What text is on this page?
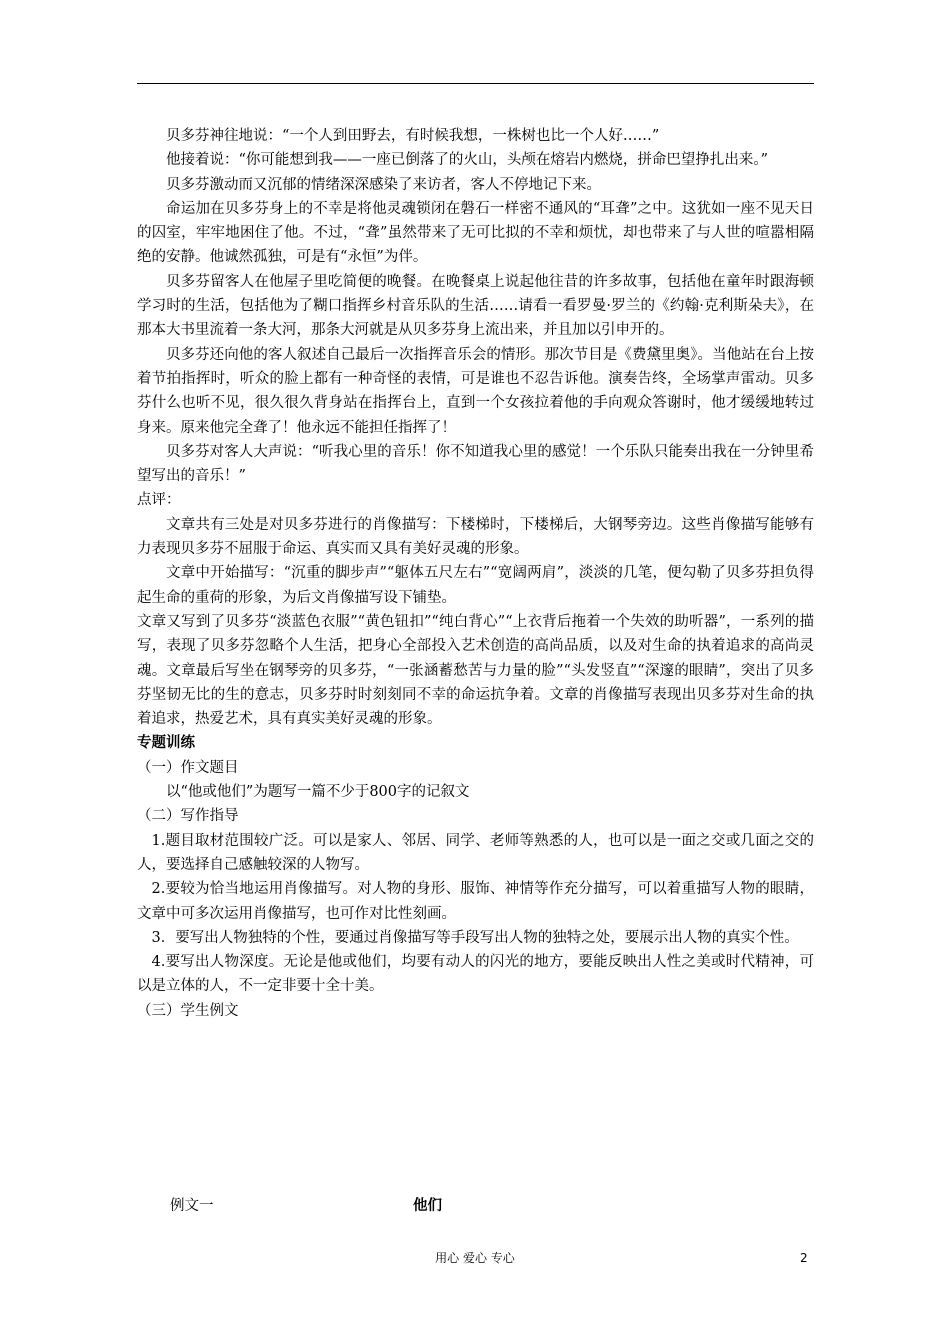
贝多芬神往地说：“一个人到田野去，有时候我想，一株树也比一个人好……”

他接着说：“你可能想到我——一座已倒落了的火山，头颅在熔岩内燃烧，拼命巴望挣扎出来。”

贝多芬激动而又沉郁的情绪深深感染了来访者，客人不停地记下来。

命运加在贝多芬身上的不幸是将他灵魂锁闭在磐石一样密不通风的“耳聋”之中。这犹如一座不见天日的囚室，牢牢地困住了他。不过，“聋”虽然带来了无可比拟的不幸和烦忧，却也带来了与人世的喧嚣相隔绝的安静。他诚然孤独，可是有“永恒”为伴。

贝多芬留客人在他屋子里吃简便的晚餐。在晚餐桌上说起他往昔的许多故事，包括他在童年时跟海顿学习时的生活，包括他为了糊口指挥乡村音乐队的生活……请看一看罗曼·罗兰的《约翰·克利斯朵夫》，在那本大书里流着一条大河，那条大河就是从贝多芬身上流出来，并且加以引申开的。

贝多芬还向他的客人叙述自己最后一次指挥音乐会的情形。那次节目是《费黛里奥》。当他站在台上按着节拍指挥时，听众的脸上都有一种奇怪的表情，可是谁也不忍告诉他。演奏告终，全场掌声雷动。贝多芬什么也听不见，很久很久背身站在指挥台上，直到一个女孩拉着他的手向观众答谢时，他才缓缓地转过身来。原来他完全聋了！他永远不能担任指挥了！

贝多芬对客人大声说：“听我心里的音乐！你不知道我心里的感觉！一个乐队只能奏出我在一分钟里希望写出的音乐！”

点评：

文章共有三处是对贝多芬进行的肖像描写：下楼梯时，下楼梯后，大钢琴旁边。这些肖像描写能够有力表现贝多芬不屈服于命运、真实而又具有美好灵魂的形象。

文章中开始描写：“沉重的脚步声”“躯体五尺左右”“宽阔两肩”，淡淡的几笔，便勾勒了贝多芬担负得起生命的重荷的形象，为后文肖像描写设下铺垫。

文章又写到了贝多芬“淡蓝色衣服”“黄色钮扣”“纯白背心”“上衣背后拖着一个失效的助听器”，一系列的描写，表现了贝多芬忽略个人生活，把身心全部投入艺术创造的高尚品质，以及对生命的执着追求的高尚灵魂。文章最后写坐在钢琴旁的贝多芬，“一张涵蓄愁苦与力量的脸”“头发竖直”“深邃的眼睛”，突出了贝多芬坚韧无比的生的意志，贝多芬时时刻刻同不幸的命运抗争着。文章的肖像描写表现出贝多芬对生命的执着追求，热爱艺术，具有真实美好灵魂的形象。

专题训练

（一）作文题目

以“他或他们”为题写一篇不少于800字的记叙文

（二）写作指导

1.题目取材范围较广泛。可以是家人、邻居、同学、老师等熟悉的人，也可以是一面之交或几面之交的人，要选择自己感触较深的人物写。

2.要较为恰当地运用肖像描写。对人物的身形、服饰、神情等作充分描写，可以着重描写人物的眼睛，文章中可多次运用肖像描写，也可作对比性刻画。

3．要写出人物独特的个性，要通过肖像描写等手段写出人物的独特之处，要展示出人物的真实个性。

4.要写出人物深度。无论是他或他们，均要有动人的闪光的地方，要能反映出人性之美或时代精神，可以是立体的人，不一定非要十全十美。

（三）学生例文

例文一	他们
用心 爱心 专心	2
